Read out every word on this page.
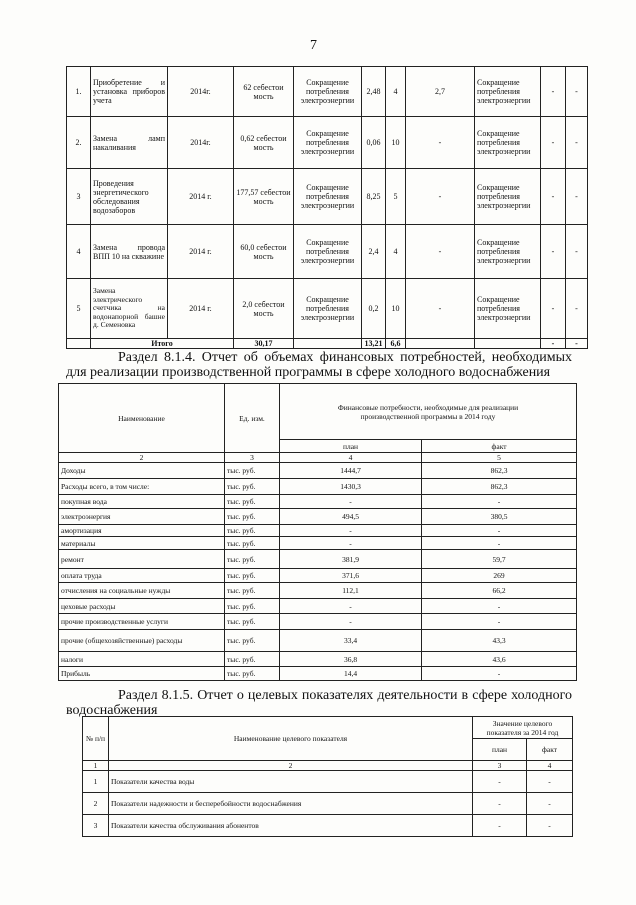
7
1.	Приобретение и установка приборов учета	2014г.	62 себестои мость	Сокращение потребления электроэнергии	2,48	4	2,7	Сокращение потребления электроэнергии	-	-
2.	Замена ламп накаливания	2014г.	0,62 себестои мость	Сокращение потребления электроэнергии	0,06	10	-	Сокращение потребления электроэнергии	-	-
3	Проведения энергетического обследования водозаборов	2014 г.	177,57 себестои мость	Сокращение потребления электроэнергии	8,25	5	-	Сокращение потребления электроэнергии	-	-
4	Замена провода ВПП 10 на скважине	2014 г.	60,0 себестои мость	Сокращение потребления электроэнергии	2,4	4	-	Сокращение потребления электроэнергии	-	-
5	Замена электрического счетчика на водонапорной башне д. Семеновка	2014 г.	2,0 себестои мость	Сокращение потребления электроэнергии	0,2	10	-	Сокращение потребления электроэнергии	-	-
	Итого		30,17		13,21	6,6			-	-
Раздел 8.1.4. Отчет об объемах финансовых потребностей, необходимых для реализации производственной программы в сфере холодного водоснабжения
Наименование	Ед. изм.	Финансовые потребности, необходимые для реализации производственной программы в 2014 году	
		план	факт
2	3	4	5
Доходы	тыс. руб.	1444,7	862,3
Расходы всего, в том числе:	тыс. руб.	1430,3	862,3
покупная вода	тыс. руб.	-	-
электроэнергия	тыс. руб.	494,5	380,5
амортизация	тыс. руб.	-	-
материалы	тыс. руб.	-	-
ремонт	тыс. руб.	381,9	59,7
оплата труда	тыс. руб.	371,6	269
отчисления на социальные нужды	тыс. руб.	112,1	66,2
цеховые расходы	тыс. руб.	-	-
прочие производственные услуги	тыс. руб.	-	-
прочие (общехозяйственные) расходы	тыс. руб.	33,4	43,3
налоги	тыс. руб.	36,8	43,6
Прибыль	тыс. руб.	14,4	-
Раздел 8.1.5. Отчет о целевых показателях деятельности в сфере холодного водоснабжения
№ п/п	Наименование целевого показателя	Значение целевого показателя за 2014 год	
		план	факт
1	2	3	4
1	Показатели качества воды	-	-
2	Показатели надежности и бесперебойности водоснабжения	-	-
3	Показатели качества обслуживания абонентов	-	-
